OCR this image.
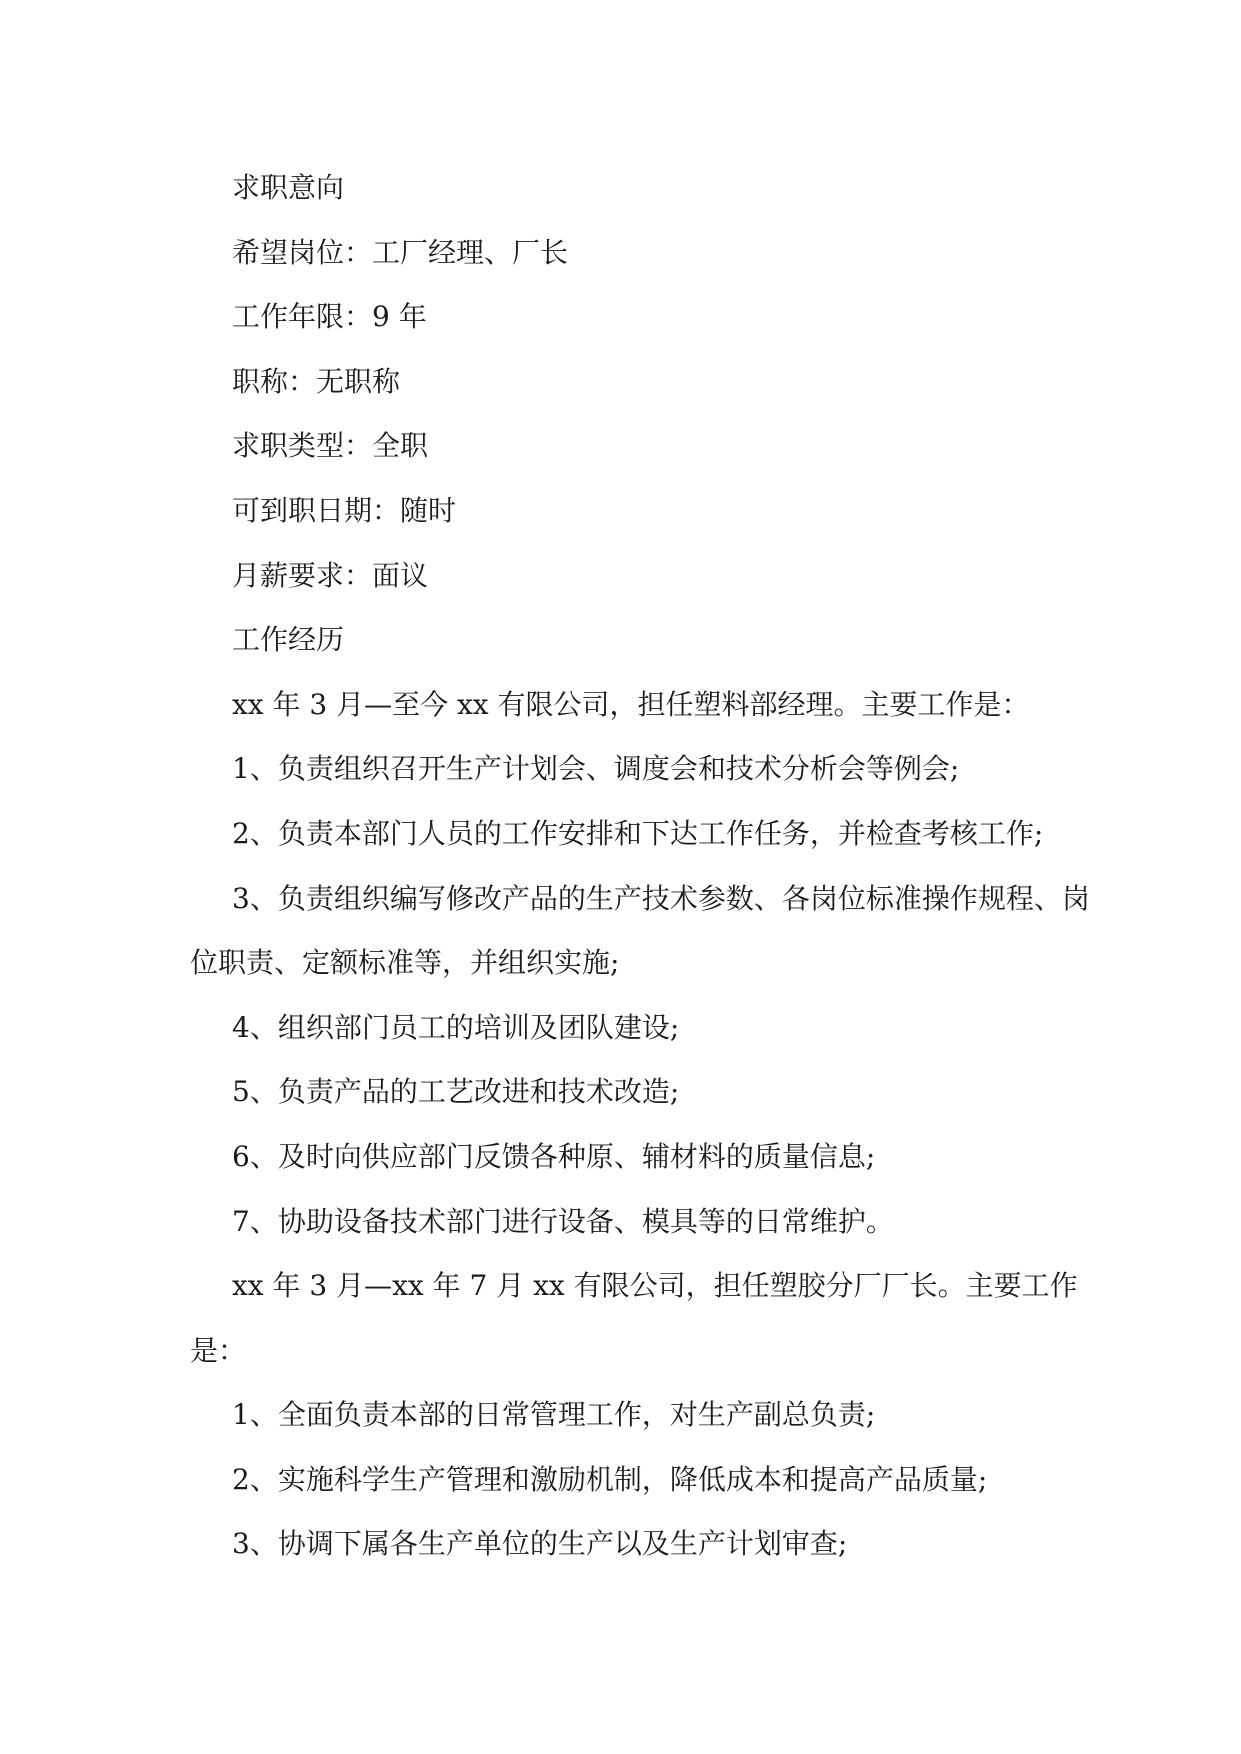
求职意向

希望岗位：工厂经理、厂长

工作年限：9 年

职称：无职称

求职类型：全职

可到职日期：随时

月薪要求：面议

工作经历

xx 年 3 月—至今 xx 有限公司，担任塑料部经理。主要工作是：

1、负责组织召开生产计划会、调度会和技术分析会等例会;

2、负责本部门人员的工作安排和下达工作任务，并检查考核工作;

3、负责组织编写修改产品的生产技术参数、各岗位标准操作规程、岗位职责、定额标准等，并组织实施;

4、组织部门员工的培训及团队建设;

5、负责产品的工艺改进和技术改造;

6、及时向供应部门反馈各种原、辅材料的质量信息;

7、协助设备技术部门进行设备、模具等的日常维护。

xx 年 3 月—xx 年 7 月 xx 有限公司，担任塑胶分厂厂长。主要工作是：

1、全面负责本部的日常管理工作，对生产副总负责;

2、实施科学生产管理和激励机制，降低成本和提高产品质量;

3、协调下属各生产单位的生产以及生产计划审查;
